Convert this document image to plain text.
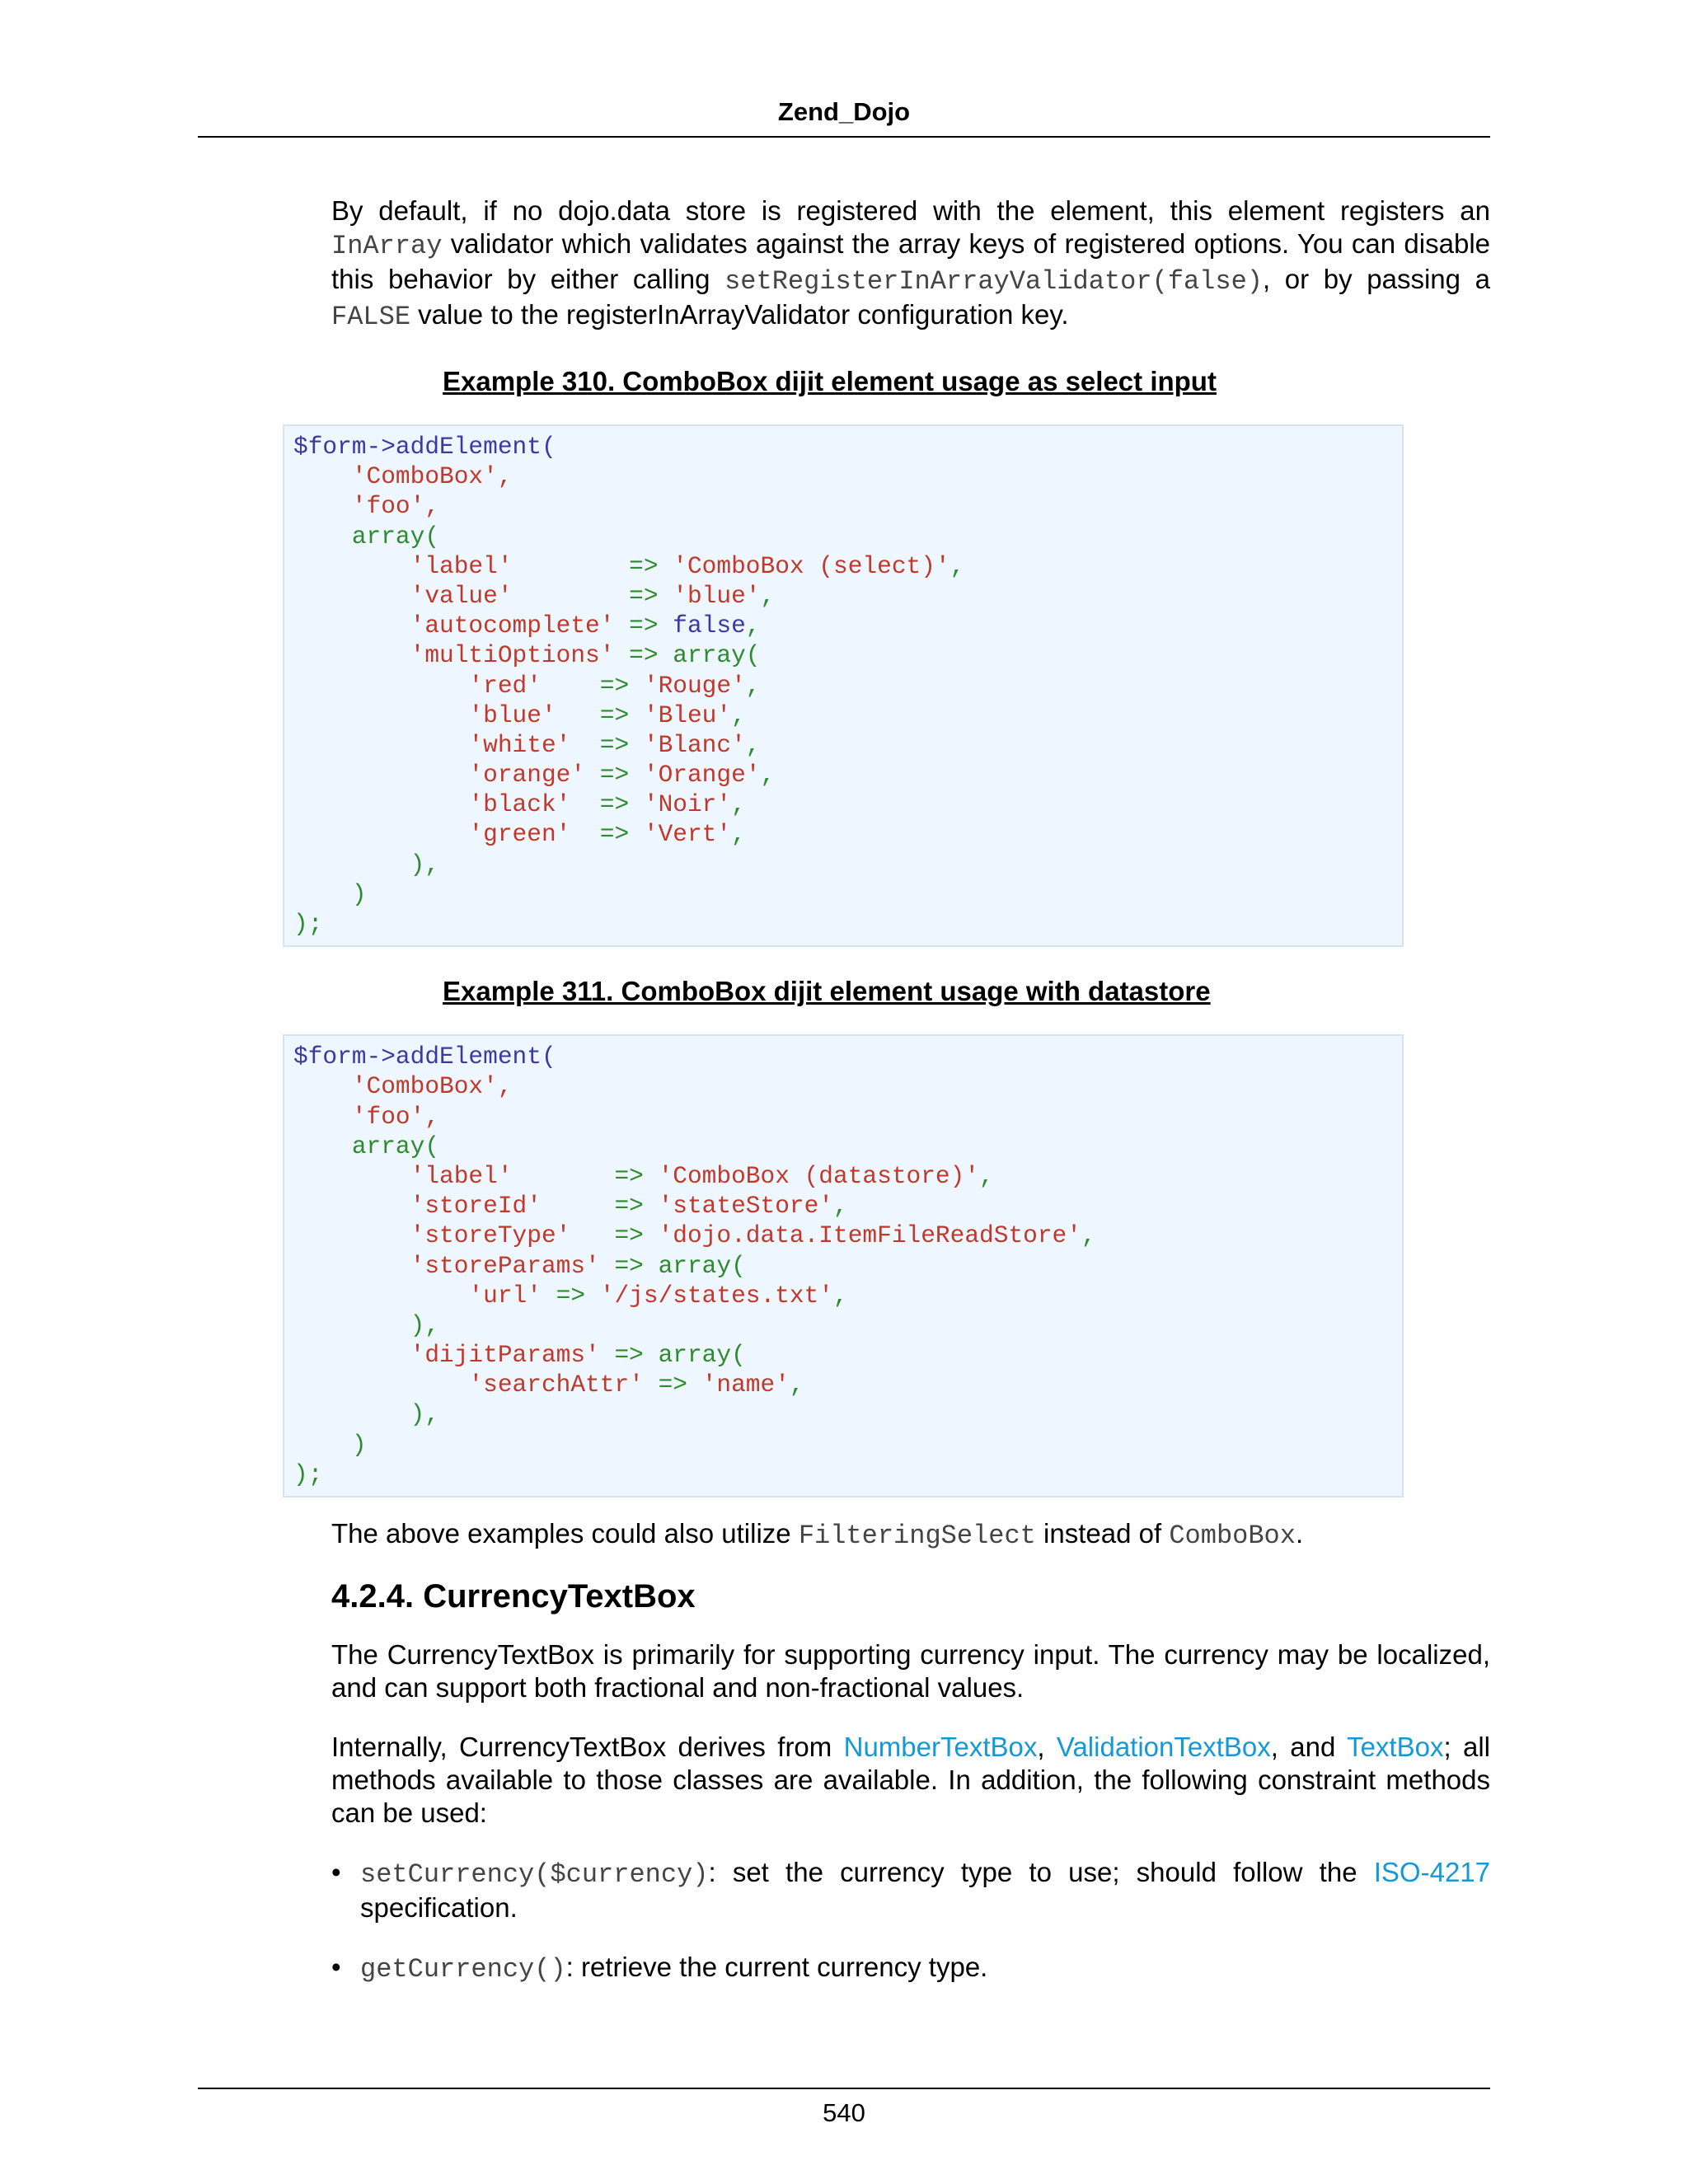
Zend_Dojo

By default, if no dojo.data store is registered with the element, this element registers an InArray validator which validates against the array keys of registered options. You can disable this behavior by either calling setRegisterInArrayValidator(false), or by passing a FALSE value to the registerInArrayValidator configuration key.

Example 310. ComboBox dijit element usage as select input

$form->addElement(
'ComboBox',
'foo',
array(
'label'	=> 'ComboBox (select)',
'value'	=> 'blue',
'autocomplete' => false,
'multiOptions' => array(
'red' => 'Rouge',
'blue' => 'Bleu',
'white' => 'Blanc',
'orange' => 'Orange',
'black' => 'Noir',
'green' => 'Vert',
),
)
);

Example 311. ComboBox dijit element usage with datastore

$form->addElement(
'ComboBox',
'foo',
array(
'label'	=> 'ComboBox (datastore)',
'storeId'	=> 'stateStore',
'storeType' => 'dojo.data.ItemFileReadStore',
'storeParams' => array(
'url' => '/js/states.txt',
),
'dijitParams' => array(
'searchAttr' => 'name',
),
)
);

The above examples could also utilize FilteringSelect instead of ComboBox.

4.2.4. CurrencyTextBox

The CurrencyTextBox is primarily for supporting currency input. The currency may be localized, and can support both fractional and non-fractional values.

Internally, CurrencyTextBox derives from NumberTextBox, ValidationTextBox, and TextBox; all methods available to those classes are available. In addition, the following constraint methods can be used:

• setCurrency($currency): set the currency type to use; should follow the ISO-4217 specification.
• getCurrency(): retrieve the current currency type.
540
